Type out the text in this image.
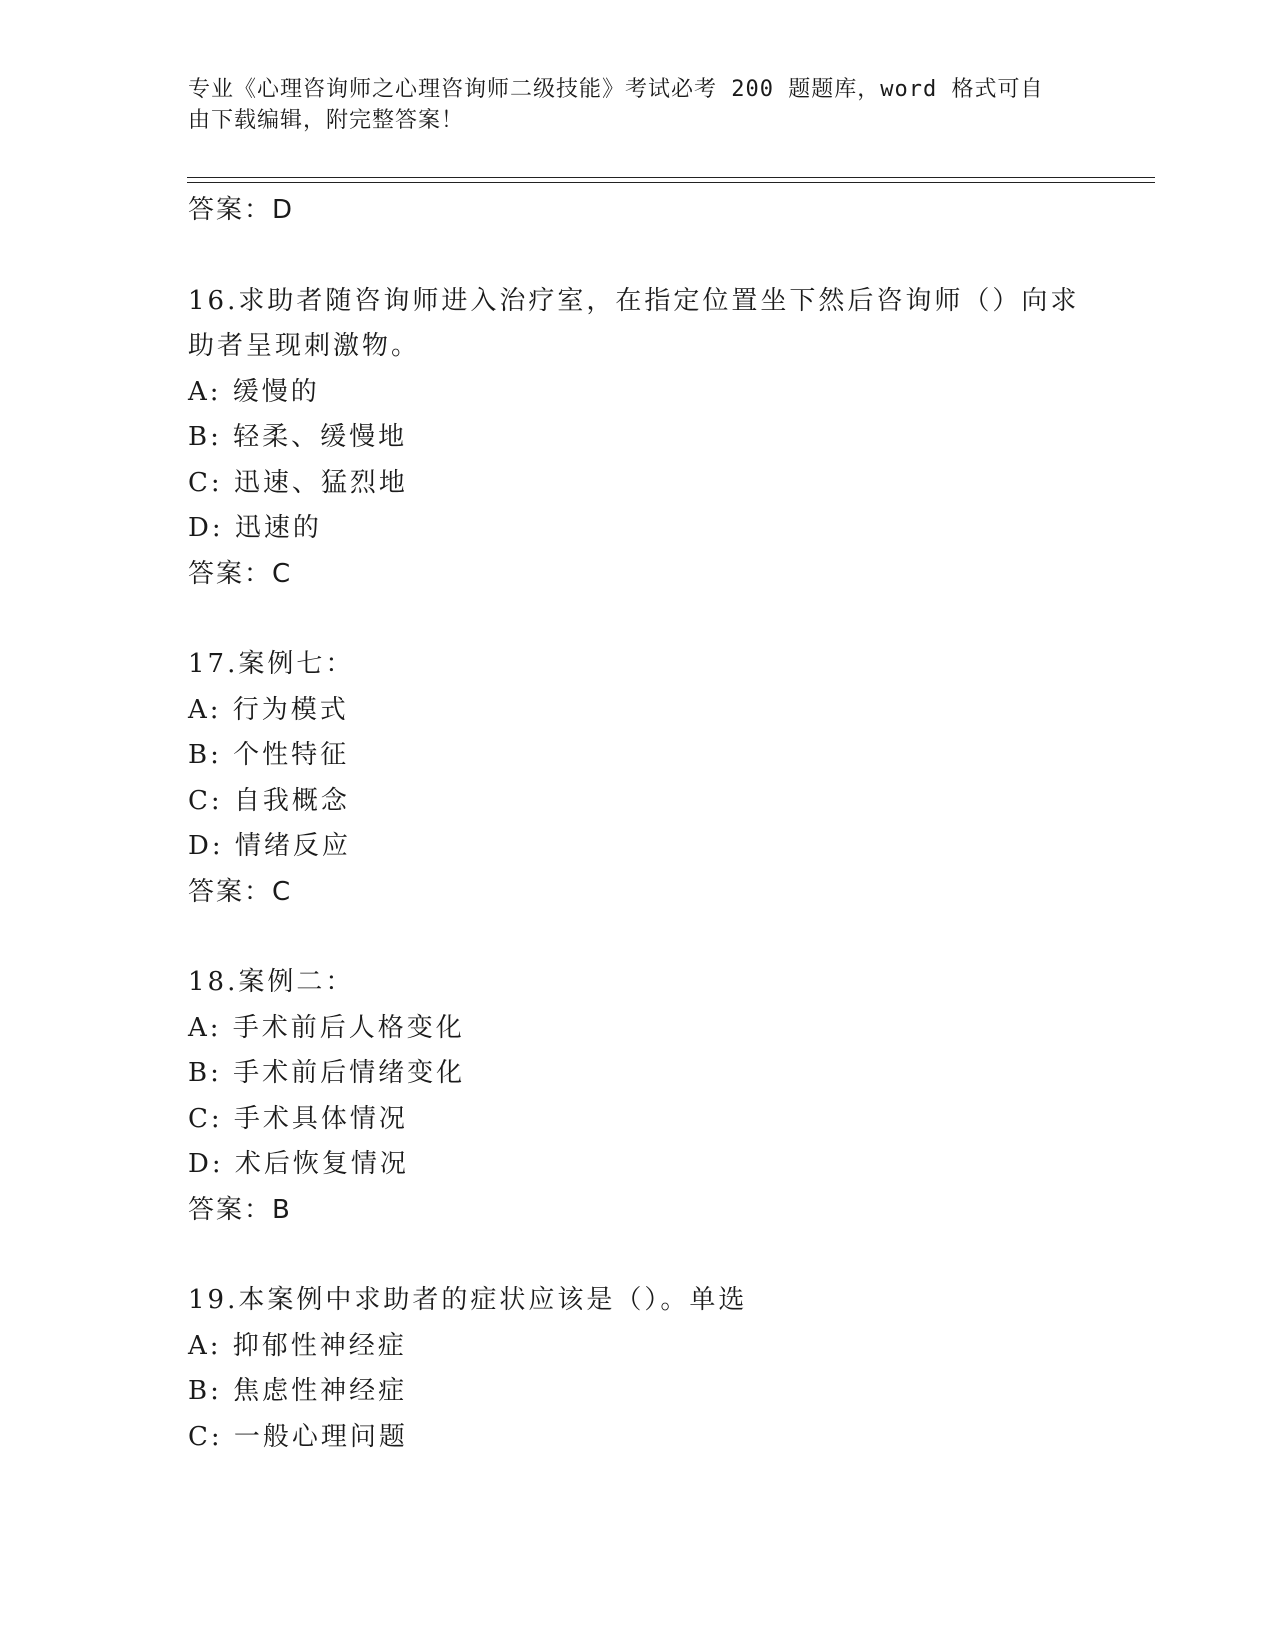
专业《心理咨询师之心理咨询师二级技能》考试必考 200 题题库，word 格式可自
由下载编辑，附完整答案！
答案：D
16.求助者随咨询师进入治疗室，在指定位置坐下然后咨询师（）向求
助者呈现刺激物。
A: 缓慢的
B: 轻柔、缓慢地
C: 迅速、猛烈地
D: 迅速的
答案：C
17.案例七：
A: 行为模式
B: 个性特征
C: 自我概念
D: 情绪反应
答案：C
18.案例二：
A: 手术前后人格变化
B: 手术前后情绪变化
C: 手术具体情况
D: 术后恢复情况
答案：B
19.本案例中求助者的症状应该是（）。单选
A: 抑郁性神经症
B: 焦虑性神经症
C: 一般心理问题
